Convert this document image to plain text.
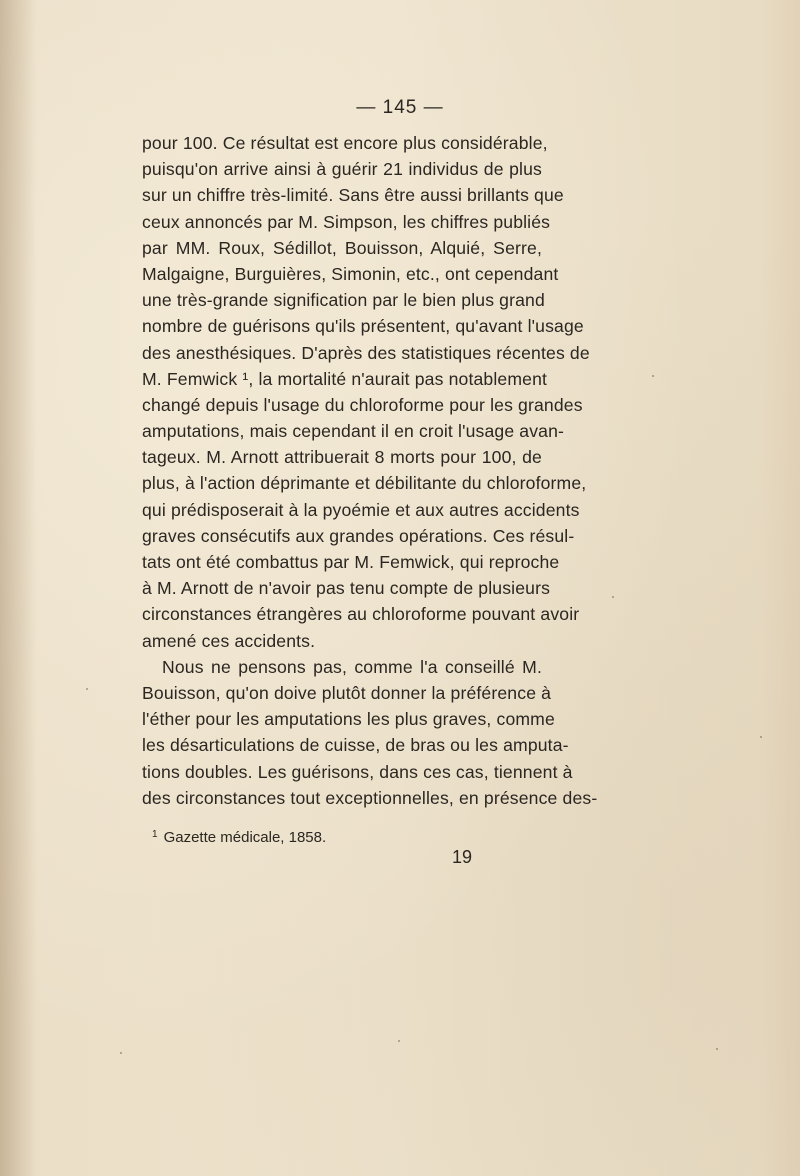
— 145 —
pour 100. Ce résultat est encore plus considérable,
puisqu'on arrive ainsi à guérir 21 individus de plus
sur un chiffre très-limité. Sans être aussi brillants que
ceux annoncés par M. Simpson, les chiffres publiés
par MM. Roux, Sédillot, Bouisson, Alquié, Serre,
Malgaigne, Burguières, Simonin, etc., ont cependant
une très-grande signification par le bien plus grand
nombre de guérisons qu'ils présentent, qu'avant l'usage
des anesthésiques. D'après des statistiques récentes de
M. Femwick ¹, la mortalité n'aurait pas notablement
changé depuis l'usage du chloroforme pour les grandes
amputations, mais cependant il en croit l'usage avan-
tageux. M. Arnott attribuerait 8 morts pour 100, de
plus, à l'action déprimante et débilitante du chloroforme,
qui prédisposerait à la pyoémie et aux autres accidents
graves consécutifs aux grandes opérations. Ces résul-
tats ont été combattus par M. Femwick, qui reproche
à M. Arnott de n'avoir pas tenu compte de plusieurs
circonstances étrangères au chloroforme pouvant avoir
amené ces accidents.
Nous ne pensons pas, comme l'a conseillé M.
Bouisson, qu'on doive plutôt donner la préférence à
l'éther pour les amputations les plus graves, comme
les désarticulations de cuisse, de bras ou les amputa-
tions doubles. Les guérisons, dans ces cas, tiennent à
des circonstances tout exceptionnelles, en présence des-
$^1$ Gazette médicale, 1858.
19
